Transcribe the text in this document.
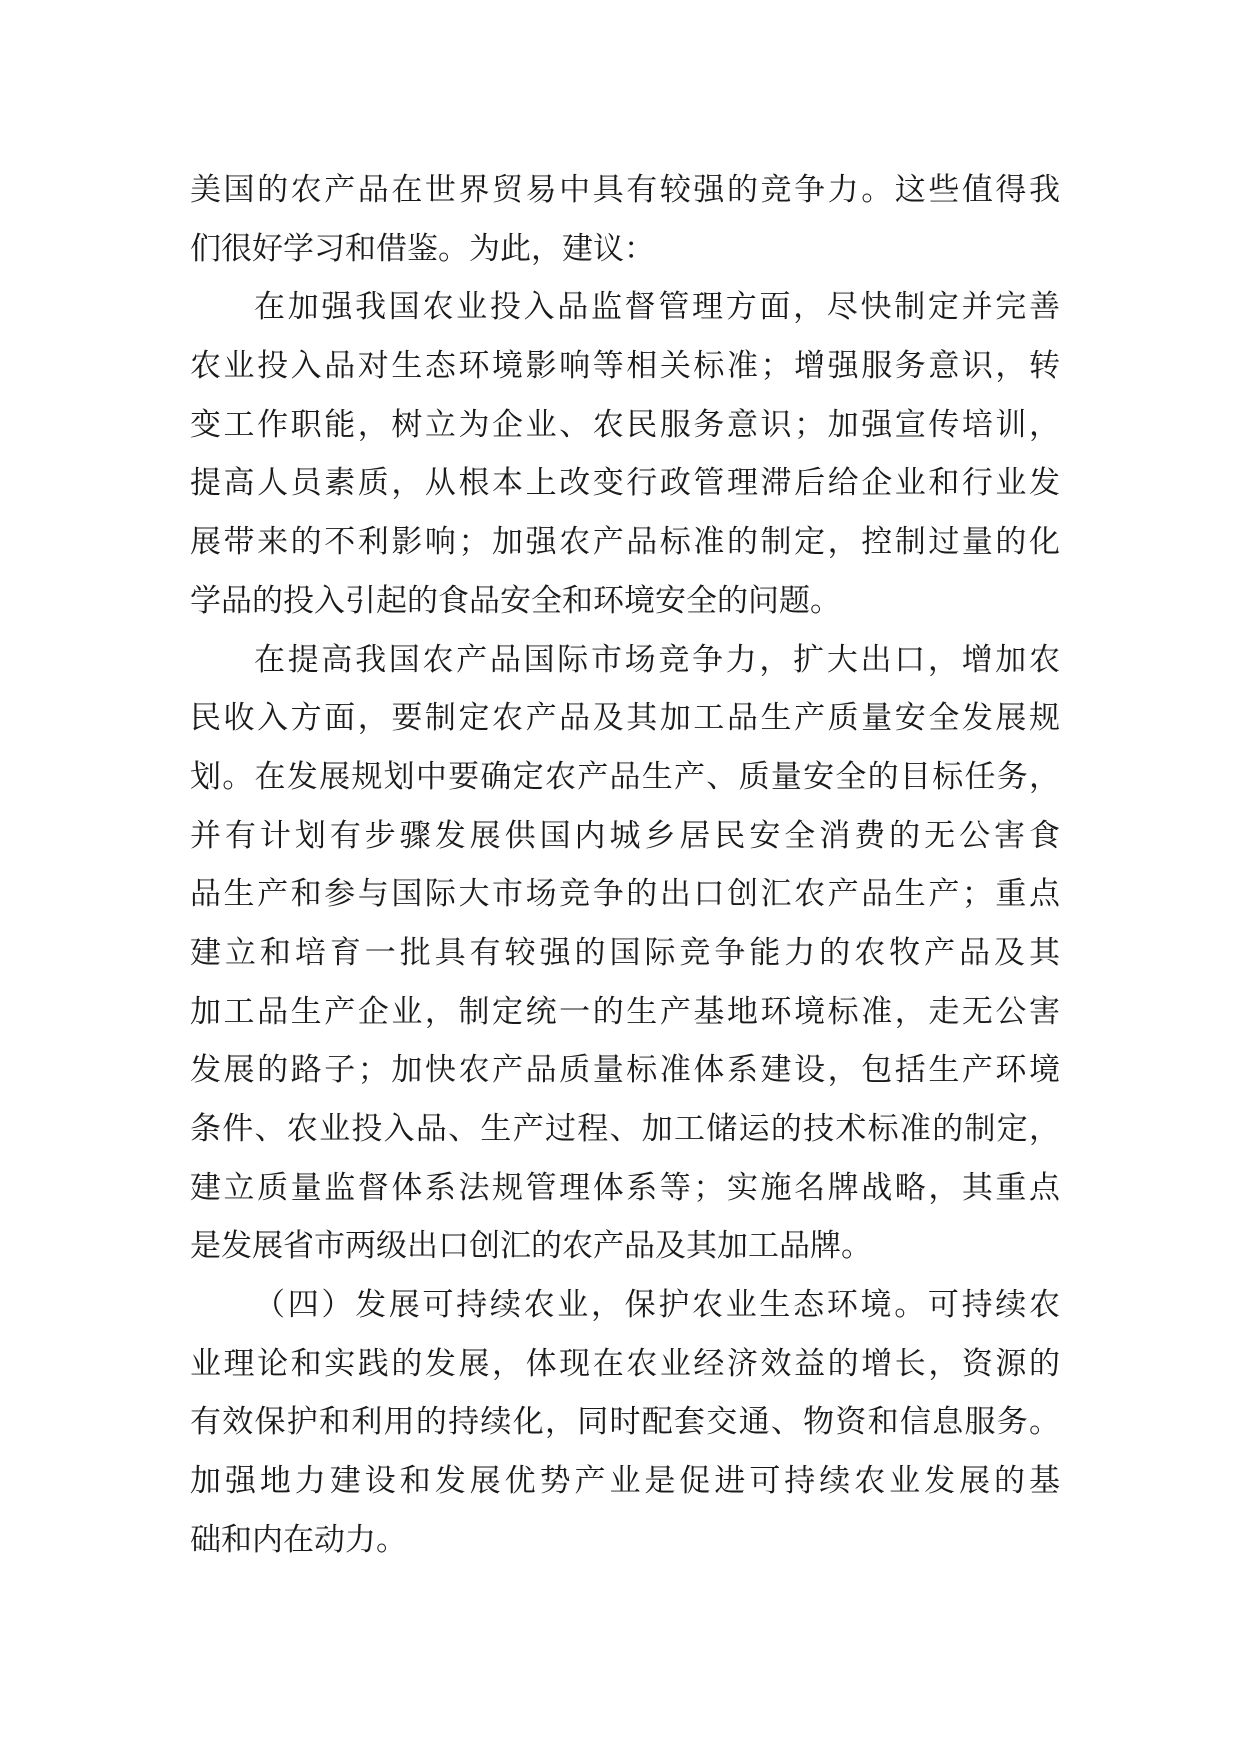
美国的农产品在世界贸易中具有较强的竞争力。这些值得我
们很好学习和借鉴。为此，建议：
在加强我国农业投入品监督管理方面，尽快制定并完善
农业投入品对生态环境影响等相关标准；增强服务意识，转
变工作职能，树立为企业、农民服务意识；加强宣传培训，
提高人员素质，从根本上改变行政管理滞后给企业和行业发
展带来的不利影响；加强农产品标准的制定，控制过量的化
学品的投入引起的食品安全和环境安全的问题。
在提高我国农产品国际市场竞争力，扩大出口，增加农
民收入方面，要制定农产品及其加工品生产质量安全发展规
划。在发展规划中要确定农产品生产、质量安全的目标任务，
并有计划有步骤发展供国内城乡居民安全消费的无公害食
品生产和参与国际大市场竞争的出口创汇农产品生产；重点
建立和培育一批具有较强的国际竞争能力的农牧产品及其
加工品生产企业，制定统一的生产基地环境标准，走无公害
发展的路子；加快农产品质量标准体系建设，包括生产环境
条件、农业投入品、生产过程、加工储运的技术标准的制定，
建立质量监督体系法规管理体系等；实施名牌战略，其重点
是发展省市两级出口创汇的农产品及其加工品牌。
（四）发展可持续农业，保护农业生态环境。可持续农
业理论和实践的发展，体现在农业经济效益的增长，资源的
有效保护和利用的持续化，同时配套交通、物资和信息服务。
加强地力建设和发展优势产业是促进可持续农业发展的基
础和内在动力。
